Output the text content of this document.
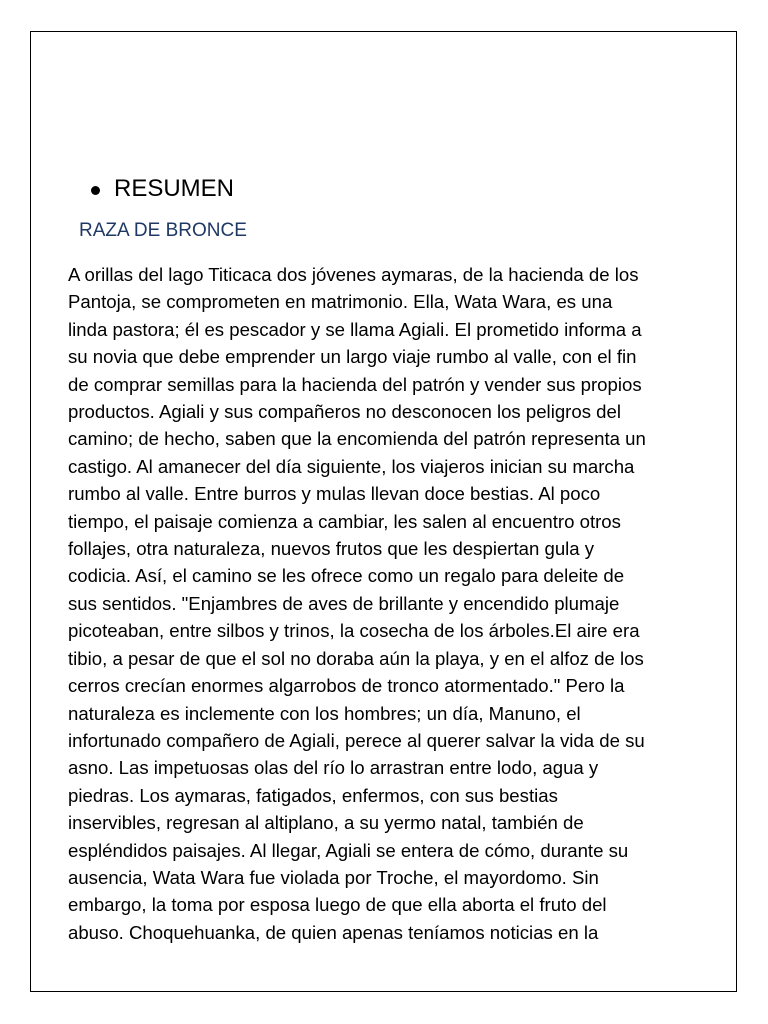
RESUMEN
RAZA DE BRONCE

A orillas del lago Titicaca dos jóvenes aymaras, de la hacienda de los
Pantoja, se comprometen en matrimonio. Ella, Wata Wara, es una
linda pastora; él es pescador y se llama Agiali. El prometido informa a
su novia que debe emprender un largo viaje rumbo al valle, con el fin
de comprar semillas para la hacienda del patrón y vender sus propios
productos. Agiali y sus compañeros no desconocen los peligros del
camino; de hecho, saben que la encomienda del patrón representa un
castigo. Al amanecer del día siguiente, los viajeros inician su marcha
rumbo al valle. Entre burros y mulas llevan doce bestias. Al poco
tiempo, el paisaje comienza a cambiar, les salen al encuentro otros
follajes, otra naturaleza, nuevos frutos que les despiertan gula y
codicia. Así, el camino se les ofrece como un regalo para deleite de
sus sentidos. "Enjambres de aves de brillante y encendido plumaje
picoteaban, entre silbos y trinos, la cosecha de los árboles.El aire era
tibio, a pesar de que el sol no doraba aún la playa, y en el alfoz de los
cerros crecían enormes algarrobos de tronco atormentado." Pero la
naturaleza es inclemente con los hombres; un día, Manuno, el
infortunado compañero de Agiali, perece al querer salvar la vida de su
asno. Las impetuosas olas del río lo arrastran entre lodo, agua y
piedras. Los aymaras, fatigados, enfermos, con sus bestias
inservibles, regresan al altiplano, a su yermo natal, también de
espléndidos paisajes. Al llegar, Agiali se entera de cómo, durante su
ausencia, Wata Wara fue violada por Troche, el mayordomo. Sin
embargo, la toma por esposa luego de que ella aborta el fruto del
abuso. Choquehuanka, de quien apenas teníamos noticias en la
